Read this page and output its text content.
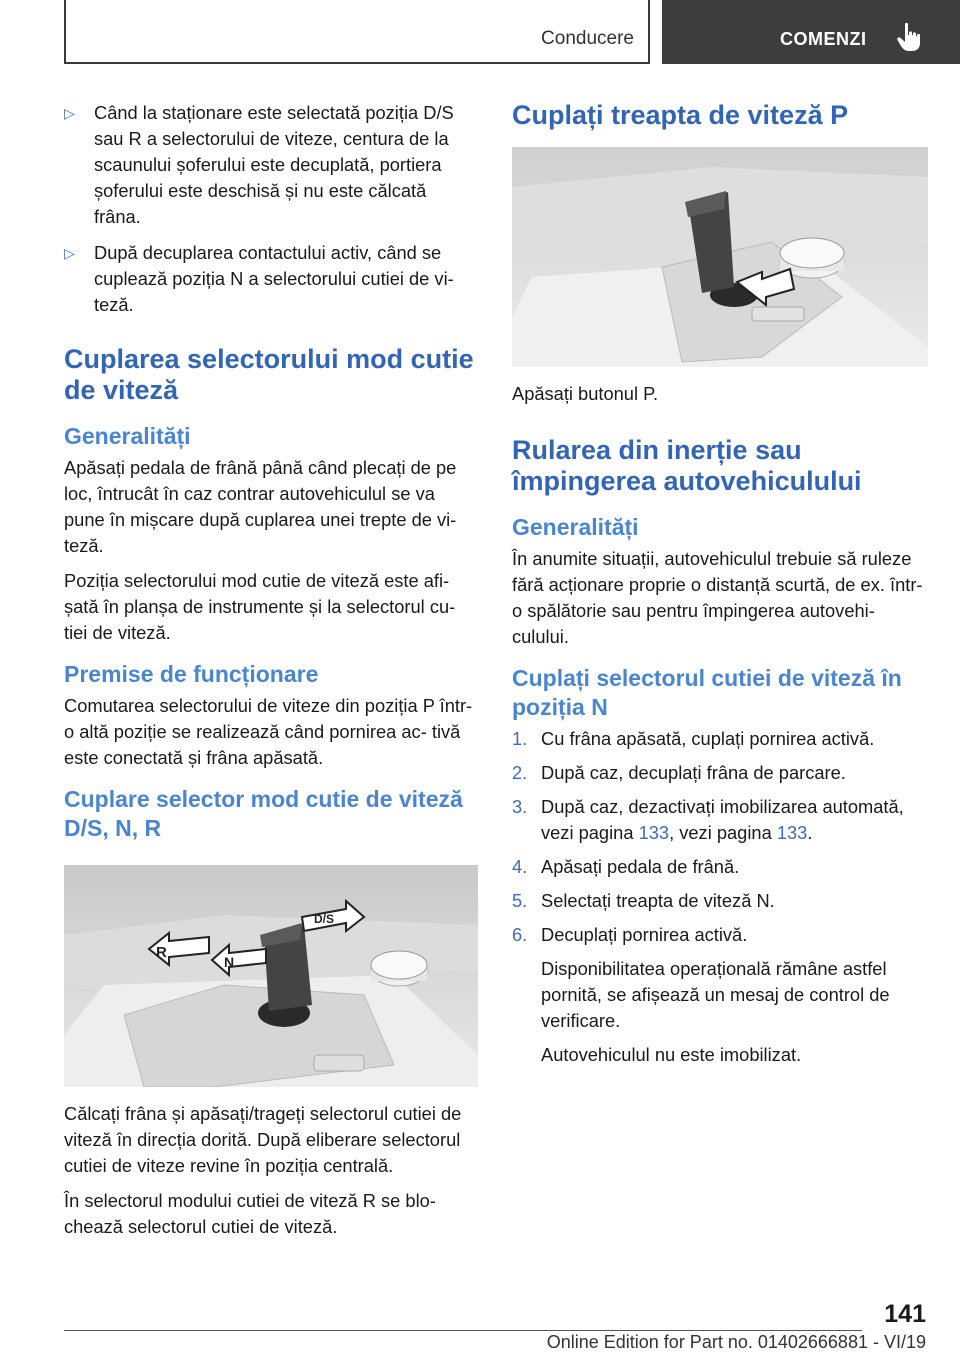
Conducere	COMENZI
▷ Când la staționare este selectată poziția D/S sau R a selectorului de viteze, centura de la scaunului șoferului este decuplată, portiera șoferului este deschisă și nu este călcată frâna.
▷ După decuplarea contactului activ, când se cuplează poziția N a selectorului cutiei de vi‐ teză.
Cuplarea selectorului mod cutie de viteză
Generalități

Apăsați pedala de frână până când plecați de pe loc, întrucât în caz contrar autovehiculul se va pune în mișcare după cuplarea unei trepte de vi‐ teză.

Poziția selectorului mod cutie de viteză este afi‐ șată în planșa de instrumente și la selectorul cu‐ tiei de viteză.

Premise de funcționare

Comutarea selectorului de viteze din poziția P într-o altă poziție se realizează când pornirea ac‐ tivă este conectată și frâna apăsată.

Cuplare selector mod cutie de viteză D/S, N, R
R
N
D/S

Călcați frâna și apăsați/trageți selectorul cutiei de viteză în direcția dorită. După eliberare selectorul cutiei de viteze revine în poziția centrală.

În selectorul modului cutiei de viteză R se blo‐ chează selectorul cutiei de viteză.

Cuplați treapta de viteză P

Apăsați butonul P.

Rularea din inerție sau împingerea autovehiculului
Generalități

În anumite situații, autovehiculul trebuie să ruleze fără acționare proprie o distanță scurtă, de ex. într-o spălătorie sau pentru împingerea autovehi‐ culului.

Cuplați selectorul cutiei de viteză în poziția N
1. Cu frâna apăsată, cuplați pornirea activă.
2. După caz, decuplați frâna de parcare.
3. După caz, dezactivați imobilizarea automată, vezi pagina 133, vezi pagina 133.
4. Apăsați pedala de frână.
5. Selectați treapta de viteză N.
6. Decuplați pornirea activă.

Disponibilitatea operațională rămâne astfel pornită, se afișează un mesaj de control de verificare.

Autovehiculul nu este imobilizat.

141
Online Edition for Part no. 01402666881 - VI/19
